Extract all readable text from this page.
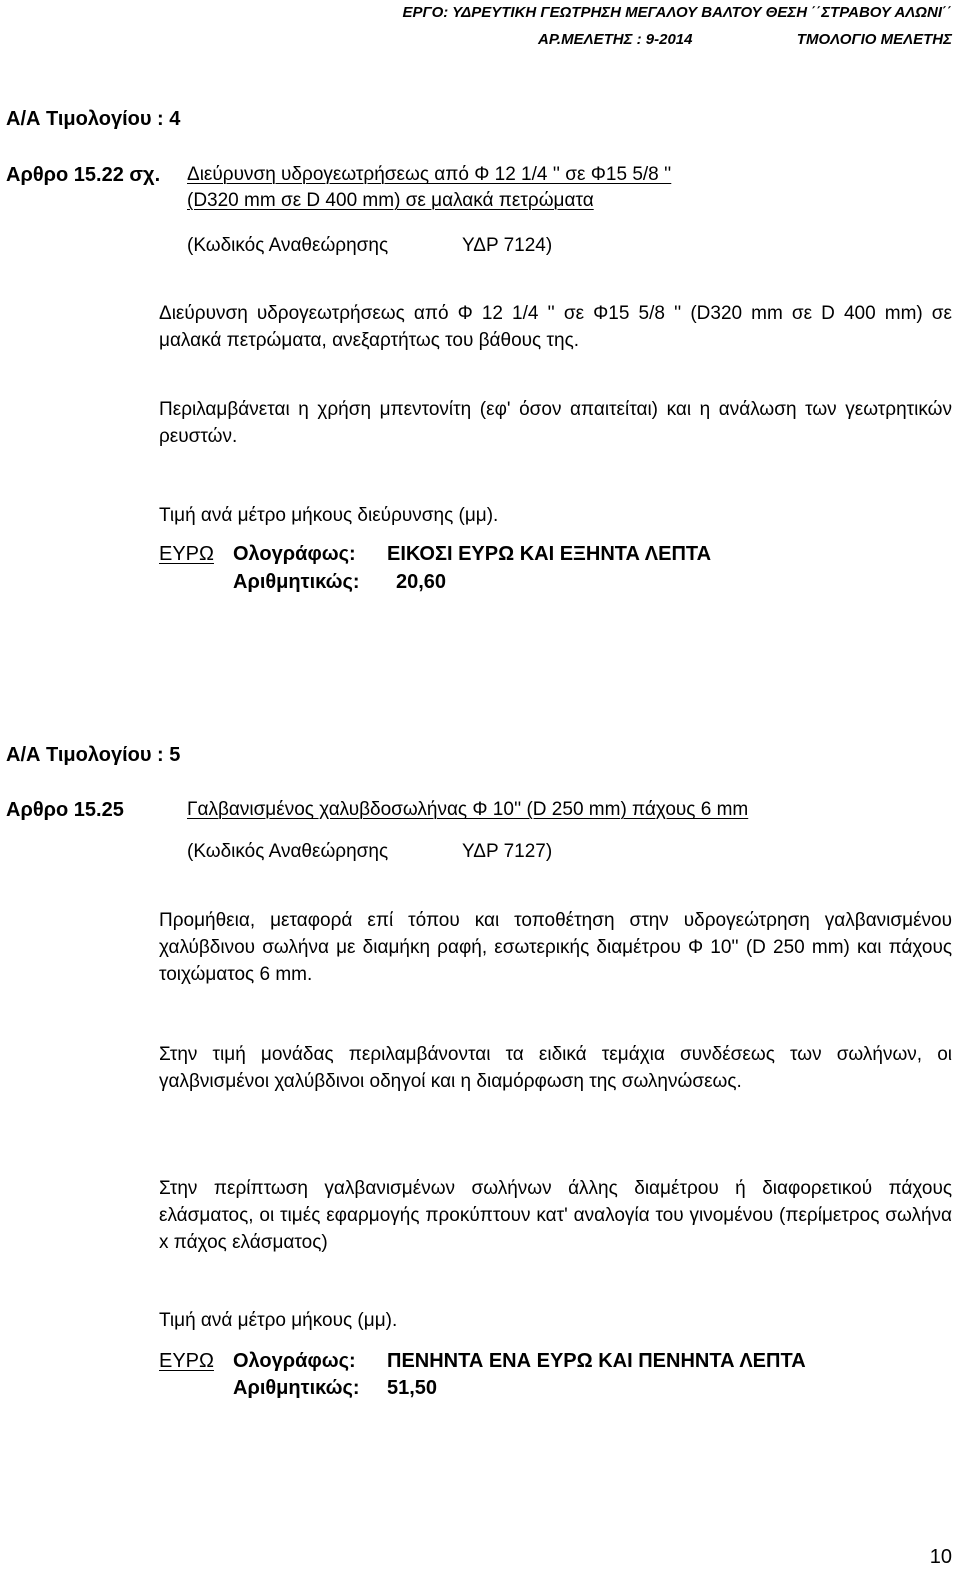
ΕΡΓΟ: ΥΔΡΕΥΤΙΚΗ ΓΕΩΤΡΗΣΗ ΜΕΓΑΛΟΥ ΒΑΛΤΟΥ ΘΕΣΗ ΄΄ΣΤΡΑΒΟΥ ΑΛΩΝΙ΄΄
ΑΡ.ΜΕΛΕΤΗΣ : 9-2014	ΤΜΟΛΟΓΙΟ ΜΕΛΕΤΗΣ
Α/Α Τιμολογίου : 4
Αρθρο 15.22 σχ. Διεύρυνση υδρογεωτρήσεως από Φ 12 1/4 '' σε Φ15 5/8 ''
(D320 mm σε D 400 mm) σε μαλακά πετρώματα
(Κωδικός Αναθεώρησης	ΥΔΡ 7124)
Διεύρυνση υδρογεωτρήσεως από Φ 12 1/4 '' σε Φ15 5/8 '' (D320 mm σε D 400 mm) σε μαλακά πετρώματα, ανεξαρτήτως του βάθους της.
Περιλαμβάνεται η χρήση μπεντονίτη (εφ' όσον απαιτείται) και η ανάλωση των γεωτρητικών ρευστών.
Τιμή ανά μέτρο μήκους διεύρυνσης (μμ).
ΕΥΡΩ Ολογράφως: ΕΙΚΟΣΙ ΕΥΡΩ ΚΑΙ ΕΞΗΝΤΑ ΛΕΠΤΑ
Αριθμητικώς: 20,60
Α/Α Τιμολογίου : 5
Αρθρο 15.25	Γαλβανισμένος χαλυβδοσωλήνας Φ 10'' (D 250 mm) πάχους 6 mm
(Κωδικός Αναθεώρησης	ΥΔΡ 7127)
Προμήθεια, μεταφορά επί τόπου και τοποθέτηση στην υδρογεώτρηση γαλβανισμένου χαλύβδινου σωλήνα με διαμήκη ραφή, εσωτερικής διαμέτρου Φ 10'' (D 250 mm) και πάχους τοιχώματος 6 mm.
Στην τιμή μονάδας περιλαμβάνονται τα ειδικά τεμάχια συνδέσεως των σωλήνων, οι γαλβνισμένοι χαλύβδινοι οδηγοί και η διαμόρφωση της σωληνώσεως.
Στην περίπτωση γαλβανισμένων σωλήνων άλλης διαμέτρου ή διαφορετικού πάχους ελάσματος, οι τιμές εφαρμογής προκύπτουν κατ' αναλογία του γινομένου (περίμετρος σωλήνα x πάχος ελάσματος)
Τιμή ανά μέτρο μήκους (μμ).
ΕΥΡΩ Ολογράφως: ΠΕΝΗΝΤΑ ΕΝΑ ΕΥΡΩ ΚΑΙ ΠΕΝΗΝΤΑ ΛΕΠΤΑ
Αριθμητικώς: 51,50
10
